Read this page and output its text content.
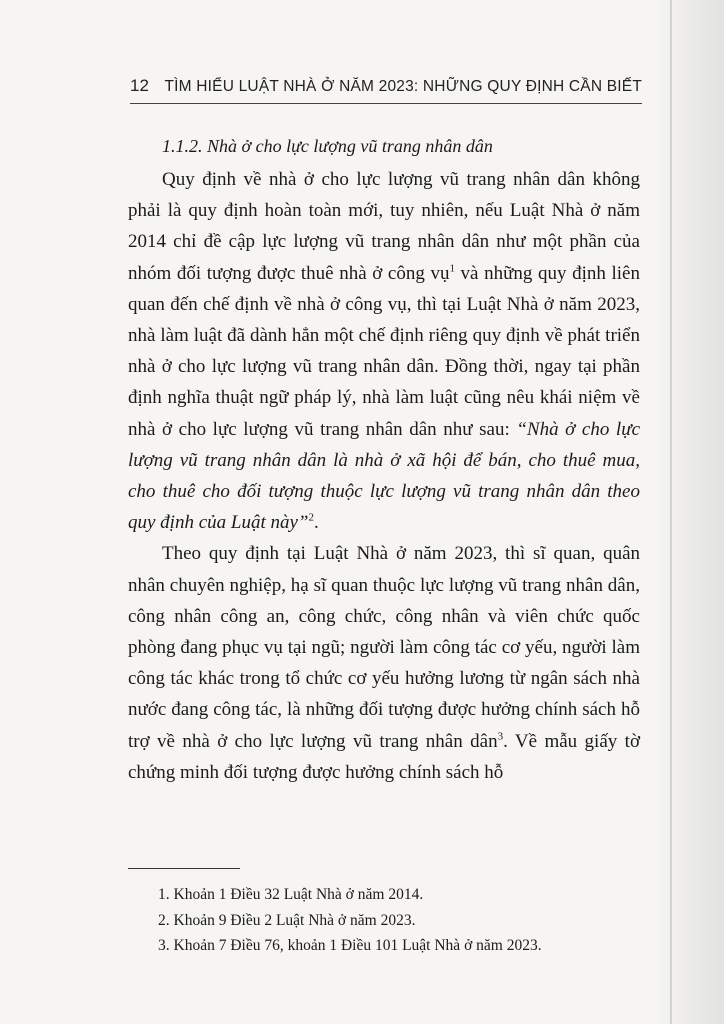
12	TÌM HIỂU LUẬT NHÀ Ở NĂM 2023: NHỮNG QUY ĐỊNH CẦN BIẾT
1.1.2. Nhà ở cho lực lượng vũ trang nhân dân

Quy định về nhà ở cho lực lượng vũ trang nhân dân không phải là quy định hoàn toàn mới, tuy nhiên, nếu Luật Nhà ở năm 2014 chỉ đề cập lực lượng vũ trang nhân dân như một phần của nhóm đối tượng được thuê nhà ở công vụ$^1$ và những quy định liên quan đến chế định về nhà ở công vụ, thì tại Luật Nhà ở năm 2023, nhà làm luật đã dành hẳn một chế định riêng quy định về phát triển nhà ở cho lực lượng vũ trang nhân dân. Đồng thời, ngay tại phần định nghĩa thuật ngữ pháp lý, nhà làm luật cũng nêu khái niệm về nhà ở cho lực lượng vũ trang nhân dân như sau: “Nhà ở cho lực lượng vũ trang nhân dân là nhà ở xã hội để bán, cho thuê mua, cho thuê cho đối tượng thuộc lực lượng vũ trang nhân dân theo quy định của Luật này”$^2$.

Theo quy định tại Luật Nhà ở năm 2023, thì sĩ quan, quân nhân chuyên nghiệp, hạ sĩ quan thuộc lực lượng vũ trang nhân dân, công nhân công an, công chức, công nhân và viên chức quốc phòng đang phục vụ tại ngũ; người làm công tác cơ yếu, người làm công tác khác trong tổ chức cơ yếu hưởng lương từ ngân sách nhà nước đang công tác, là những đối tượng được hưởng chính sách hỗ trợ về nhà ở cho lực lượng vũ trang nhân dân$^3$. Về mẫu giấy tờ chứng minh đối tượng được hưởng chính sách hỗ

1. Khoản 1 Điều 32 Luật Nhà ở năm 2014.
2. Khoản 9 Điều 2 Luật Nhà ở năm 2023.
3. Khoản 7 Điều 76, khoản 1 Điều 101 Luật Nhà ở năm 2023.
